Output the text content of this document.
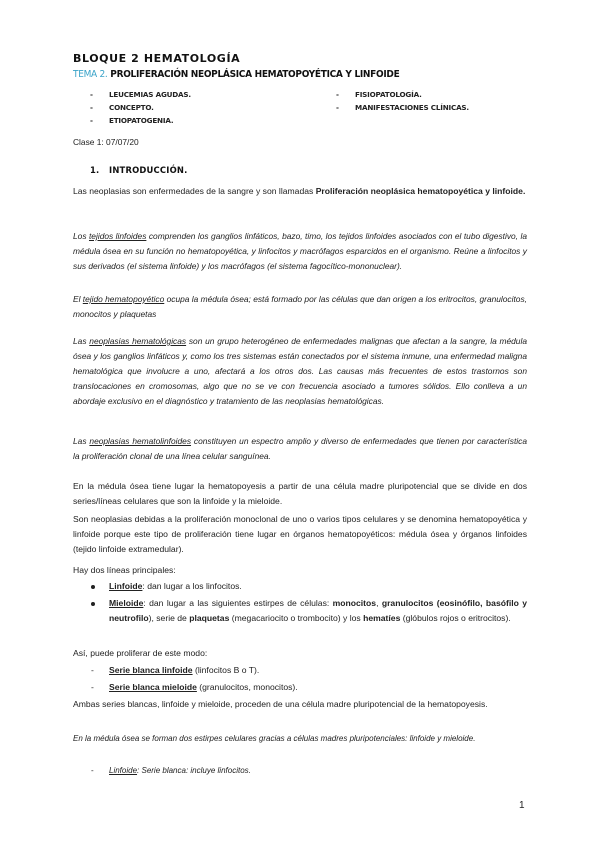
BLOQUE 2 HEMATOLOGÍA
TEMA 2. PROLIFERACIÓN NEOPLÁSICA HEMATOPOYÉTICA Y LINFOIDE
- LEUCEMIAS AGUDAS.
- CONCEPTO.
- ETIOPATOGENIA.
- FISIOPATOLOGÍA.
- MANIFESTACIONES CLÍNICAS.
Clase 1: 07/07/20
1. INTRODUCCIÓN.

Las neoplasias son enfermedades de la sangre y son llamadas Proliferación neoplásica hematopoyética y linfoide.

Los tejidos linfoides comprenden los ganglios linfáticos, bazo, timo, los tejidos linfoides asociados con el tubo digestivo, la médula ósea en su función no hematopoyética, y linfocitos y macrófagos esparcidos en el organismo. Reúne a linfocitos y sus derivados (el sistema linfoide) y los macrófagos (el sistema fagocítico-mononuclear).

El tejido hematopoyético ocupa la médula ósea; está formado por las células que dan origen a los eritrocitos, granulocitos, monocitos y plaquetas

Las neoplasias hematológicas son un grupo heterogéneo de enfermedades malignas que afectan a la sangre, la médula ósea y los ganglios linfáticos y, como los tres sistemas están conectados por el sistema inmune, una enfermedad maligna hematológica que involucre a uno, afectará a los otros dos. Las causas más frecuentes de estos trastornos son translocaciones en cromosomas, algo que no se ve con frecuencia asociado a tumores sólidos. Ello conlleva a un abordaje exclusivo en el diagnóstico y tratamiento de las neoplasias hematológicas.

Las neoplasias hematolinfoides constituyen un espectro amplio y diverso de enfermedades que tienen por característica la proliferación clonal de una línea celular sanguínea.

En la médula ósea tiene lugar la hematopoyesis a partir de una célula madre pluripotencial que se divide en dos series/líneas celulares que son la linfoide y la mieloide.

Son neoplasias debidas a la proliferación monoclonal de uno o varios tipos celulares y se denomina hematopoyética y linfoide porque este tipo de proliferación tiene lugar en órganos hematopoyéticos: médula ósea y órganos linfoides (tejido linfoide extramedular).

Hay dos líneas principales:

Linfoide: dan lugar a los linfocitos.
Mieloide: dan lugar a las siguientes estirpes de células: monocitos, granulocitos (eosinófilo, basófilo y neutrofilo), serie de plaquetas (megacariocito o trombocito) y los hematíes (glóbulos rojos o eritrocitos).

Así, puede proliferar de este modo:

-	Serie blanca linfoide (linfocitos B o T).
-	Serie blanca mieloide (granulocitos, monocitos).

Ambas series blancas, linfoide y mieloide, proceden de una célula madre pluripotencial de la hematopoyesis.

En la médula ósea se forman dos estirpes celulares gracias a células madres pluripotenciales: linfoide y mieloide.

-	Linfoide: Serie blanca: incluye linfocitos.
1
